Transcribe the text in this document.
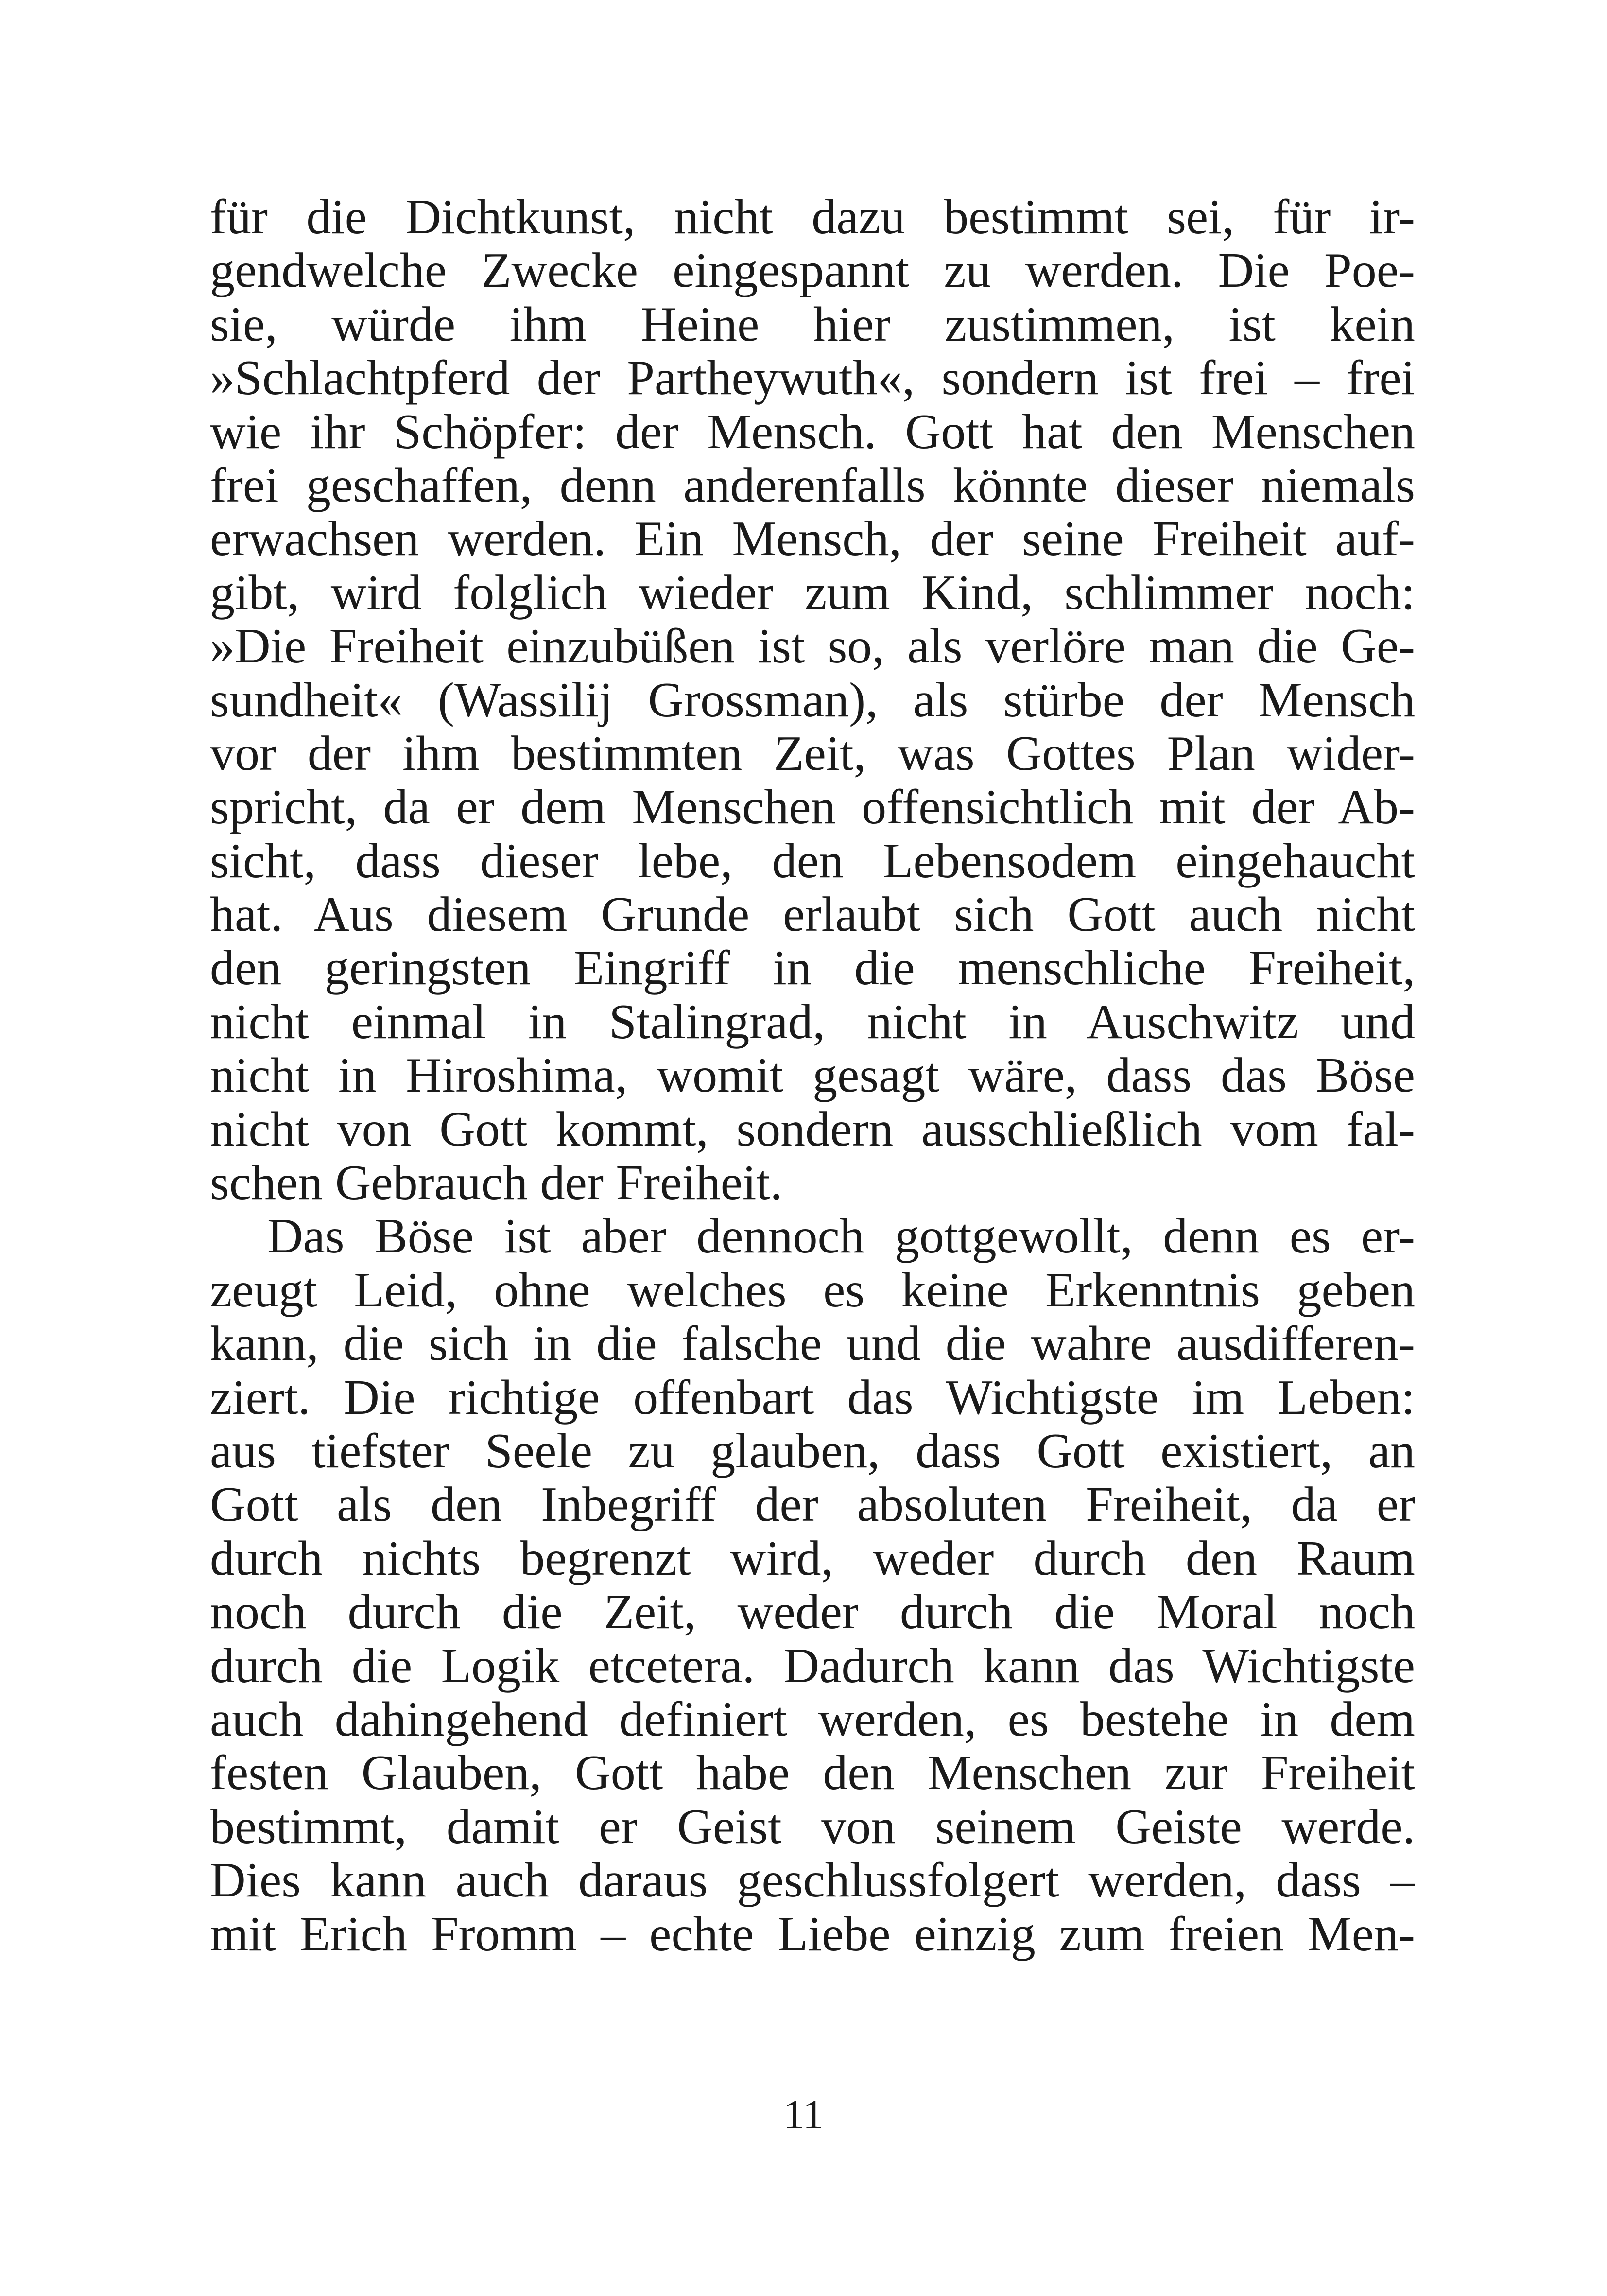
für die Dichtkunst, nicht dazu bestimmt sei, für ir-
gendwelche Zwecke eingespannt zu werden. Die Poe-
sie, würde ihm Heine hier zustimmen, ist kein
»Schlachtpferd der Partheywuth«, sondern ist frei – frei
wie ihr Schöpfer: der Mensch. Gott hat den Menschen
frei geschaffen, denn anderenfalls könnte dieser niemals
erwachsen werden. Ein Mensch, der seine Freiheit auf-
gibt, wird folglich wieder zum Kind, schlimmer noch:
»Die Freiheit einzubüßen ist so, als verlöre man die Ge-
sundheit« (Wassilij Grossman), als stürbe der Mensch
vor der ihm bestimmten Zeit, was Gottes Plan wider-
spricht, da er dem Menschen offensichtlich mit der Ab-
sicht, dass dieser lebe, den Lebensodem eingehaucht
hat. Aus diesem Grunde erlaubt sich Gott auch nicht
den geringsten Eingriff in die menschliche Freiheit,
nicht einmal in Stalingrad, nicht in Auschwitz und
nicht in Hiroshima, womit gesagt wäre, dass das Böse
nicht von Gott kommt, sondern ausschließlich vom fal-
schen Gebrauch der Freiheit.
Das Böse ist aber dennoch gottgewollt, denn es er-
zeugt Leid, ohne welches es keine Erkenntnis geben
kann, die sich in die falsche und die wahre ausdifferen-
ziert. Die richtige offenbart das Wichtigste im Leben:
aus tiefster Seele zu glauben, dass Gott existiert, an
Gott als den Inbegriff der absoluten Freiheit, da er
durch nichts begrenzt wird, weder durch den Raum
noch durch die Zeit, weder durch die Moral noch
durch die Logik etcetera. Dadurch kann das Wichtigste
auch dahingehend definiert werden, es bestehe in dem
festen Glauben, Gott habe den Menschen zur Freiheit
bestimmt, damit er Geist von seinem Geiste werde.
Dies kann auch daraus geschlussfolgert werden, dass –
mit Erich Fromm – echte Liebe einzig zum freien Men-
11
